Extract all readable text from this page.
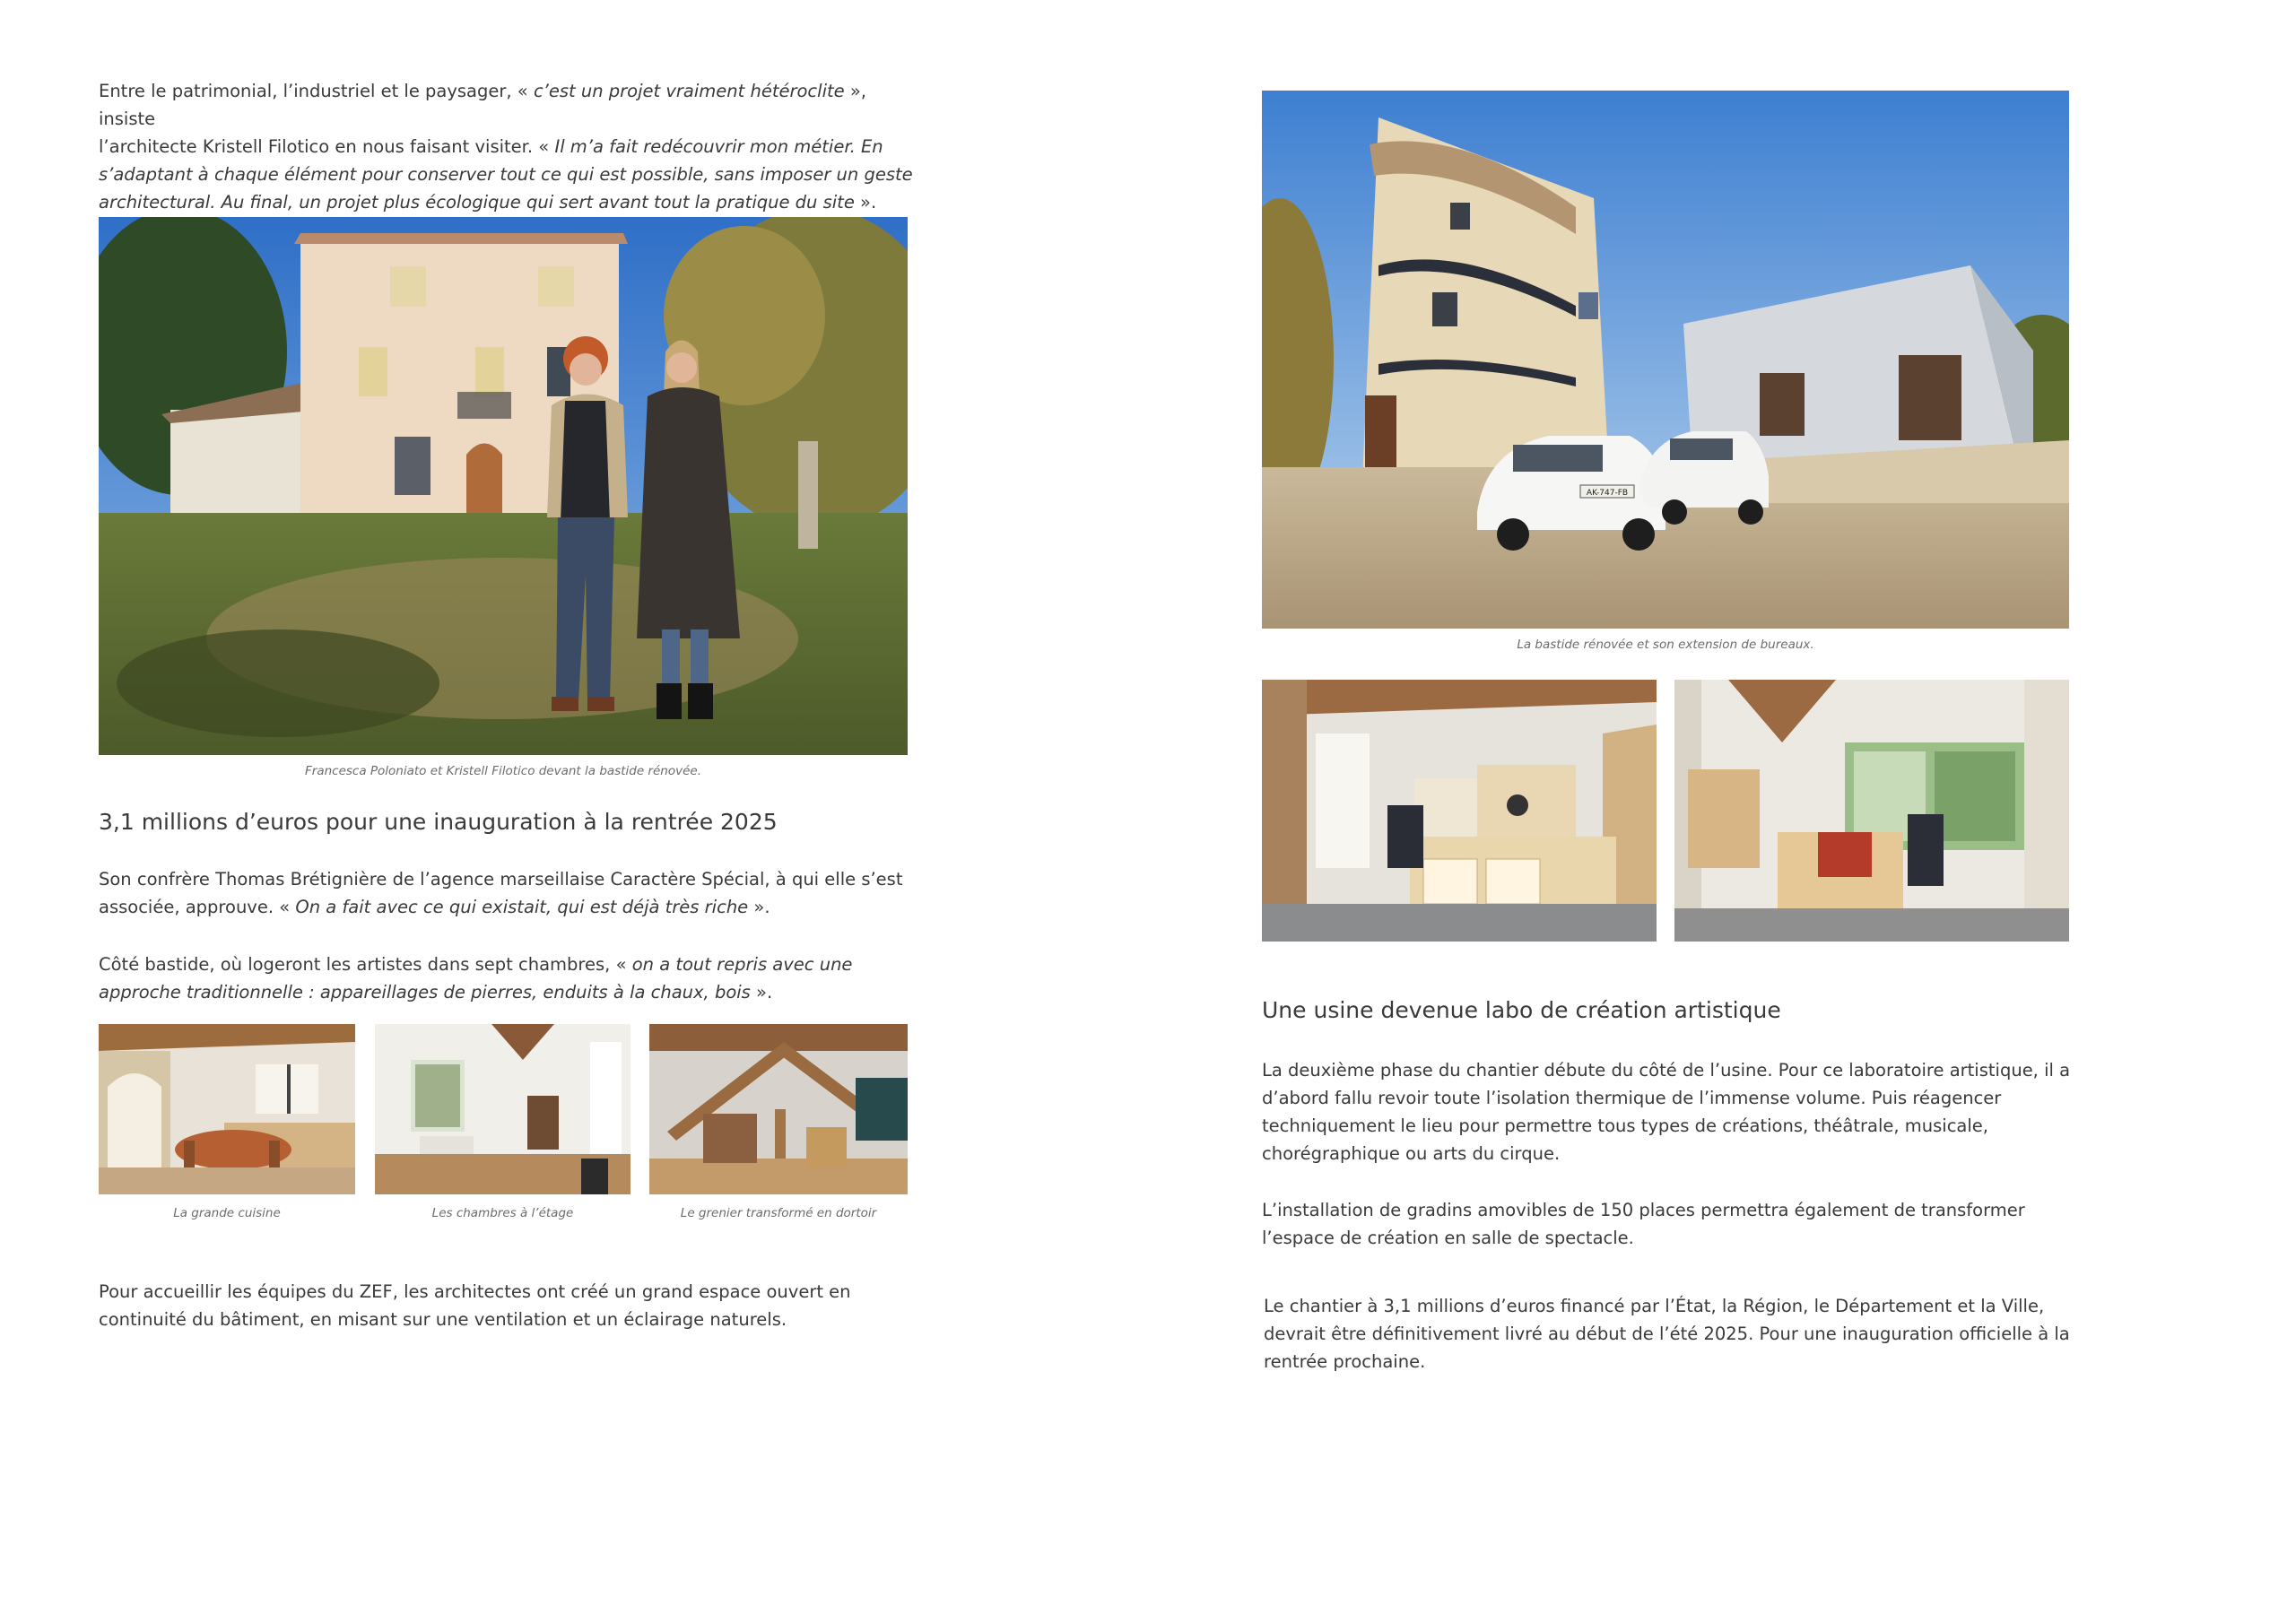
Entre le patrimonial, l’industriel et le paysager, « c’est un projet vraiment hétéroclite », insiste
l’architecte Kristell Filotico en nous faisant visiter. « Il m’a fait redécouvrir mon métier. En
s’adaptant à chaque élément pour conserver tout ce qui est possible, sans imposer un geste
architectural. Au final, un projet plus écologique qui sert avant tout la pratique du site ».

Francesca Poloniato et Kristell Filotico devant la bastide rénovée.

3,1 millions d’euros pour une inauguration à la rentrée 2025
Son confrère Thomas Brétignière de l’agence marseillaise Caractère Spécial, à qui elle s’est
associée, approuve. « On a fait avec ce qui existait, qui est déjà très riche ».
Côté bastide, où logeront les artistes dans sept chambres, « on a tout repris avec une
approche traditionnelle : appareillages de pierres, enduits à la chaux, bois ».

La grande cuisine	Les chambres à l’étage	Le grenier transformé en dortoir

Pour accueillir les équipes du ZEF, les architectes ont créé un grand espace ouvert en
continuité du bâtiment, en misant sur une ventilation et un éclairage naturels.
AK-747-FB

La bastide rénovée et son extension de bureaux.

Une usine devenue labo de création artistique
La deuxième phase du chantier débute du côté de l’usine. Pour ce laboratoire artistique, il a
d’abord fallu revoir toute l’isolation thermique de l’immense volume. Puis réagencer
techniquement le lieu pour permettre tous types de créations, théâtrale, musicale,
chorégraphique ou arts du cirque.
L’installation de gradins amovibles de 150 places permettra également de transformer
l’espace de création en salle de spectacle.
Le chantier à 3,1 millions d’euros financé par l’État, la Région, le Département et la Ville,
devrait être définitivement livré au début de l’été 2025. Pour une inauguration officielle à la
rentrée prochaine.
